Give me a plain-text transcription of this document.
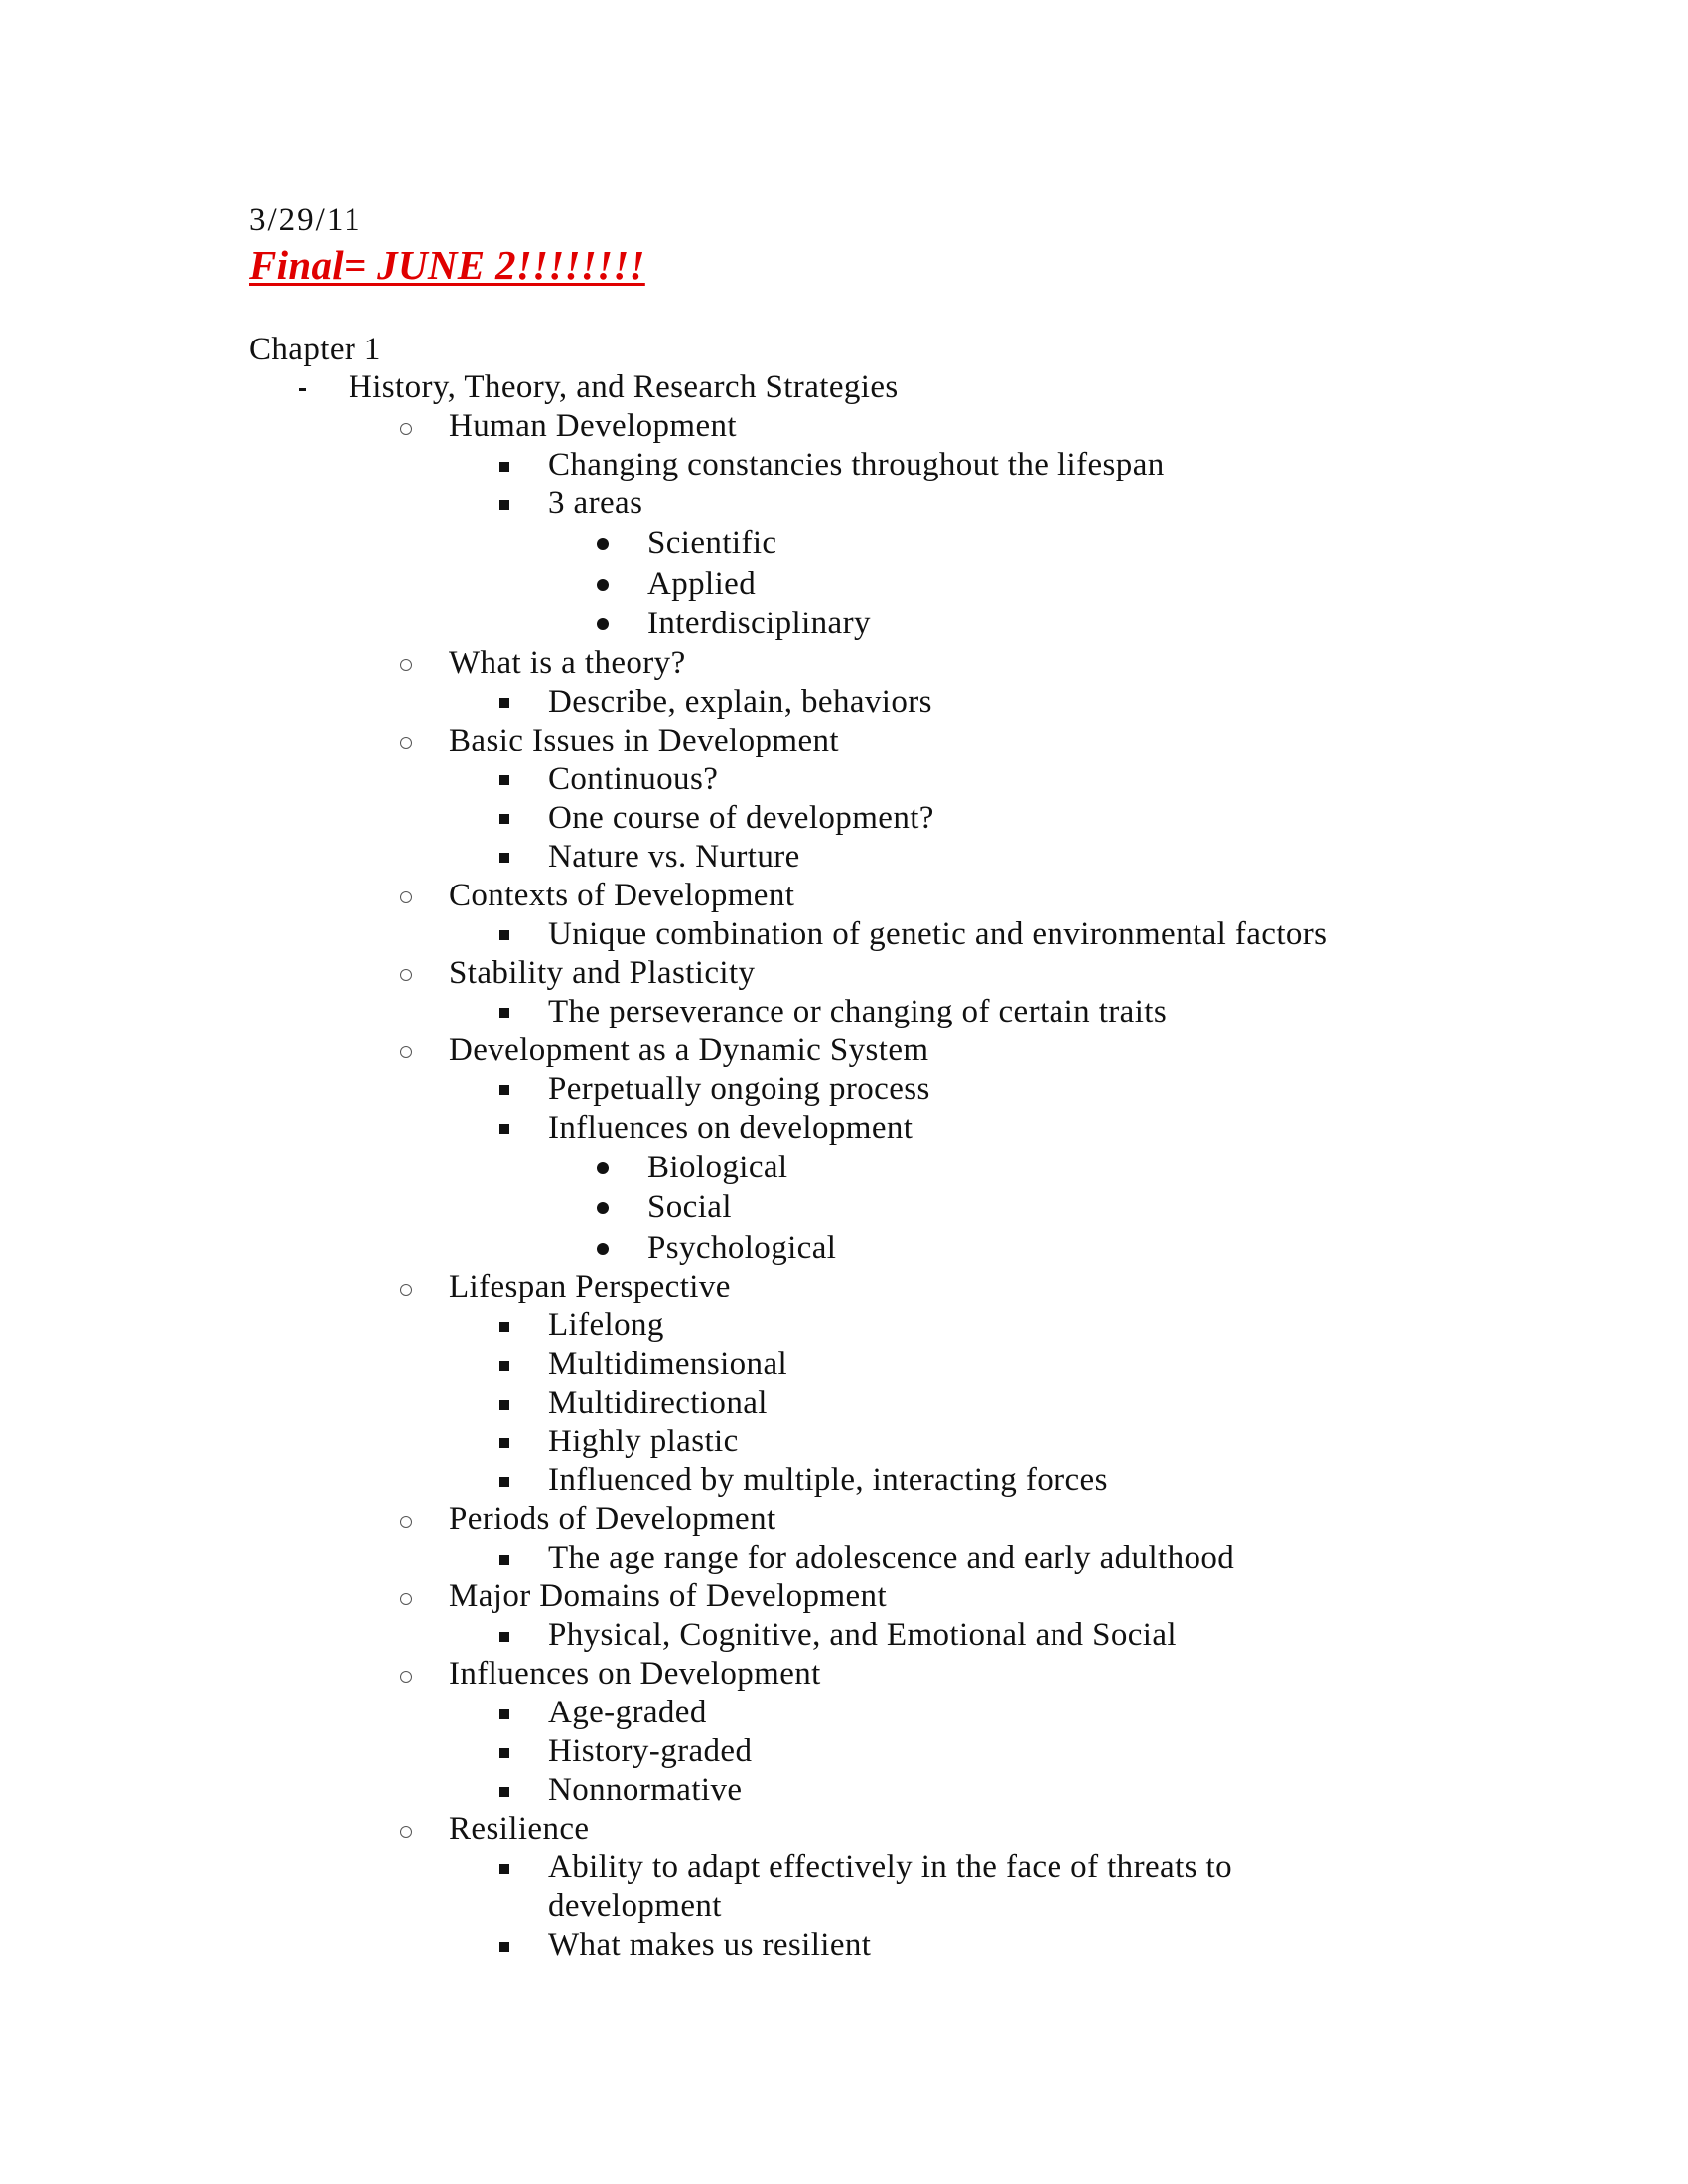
3/29/11
Final= JUNE 2!!!!!!!!
Chapter 1
History, Theory, and Research Strategies
Human Development
Changing constancies throughout the lifespan
3 areas
Scientific
Applied
Interdisciplinary
What is a theory?
Describe, explain, behaviors
Basic Issues in Development
Continuous?
One course of development?
Nature vs. Nurture
Contexts of Development
Unique combination of genetic and environmental factors
Stability and Plasticity
The perseverance or changing of certain traits
Development as a Dynamic System
Perpetually ongoing process
Influences on development
Biological
Social
Psychological
Lifespan Perspective
Lifelong
Multidimensional
Multidirectional
Highly plastic
Influenced by multiple, interacting forces
Periods of Development
The age range for adolescence and early adulthood
Major Domains of Development
Physical, Cognitive, and Emotional and Social
Influences on Development
Age-graded
History-graded
Nonnormative
Resilience
Ability to adapt effectively in the face of threats to
development
What makes us resilient
